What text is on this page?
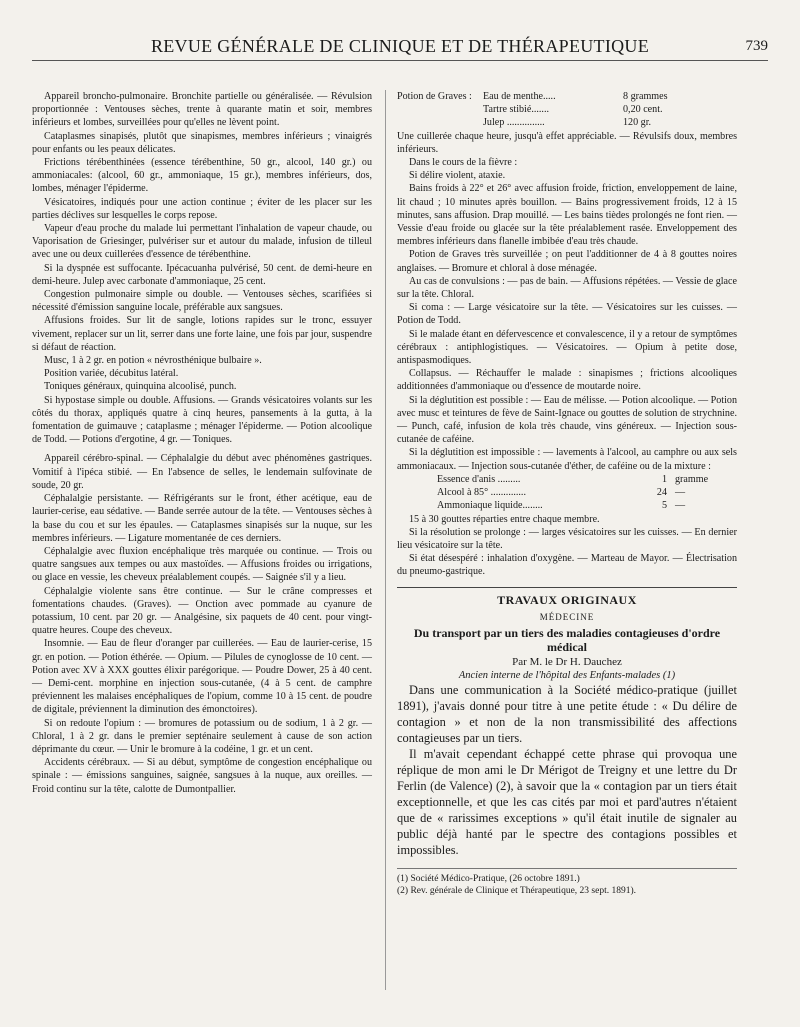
REVUE GÉNÉRALE DE CLINIQUE ET DE THÉRAPEUTIQUE	739

Appareil broncho-pulmonaire. Bronchite partielle ou généralisée. — Révulsion proportionnée : Ventouses sèches, trente à quarante matin et soir, membres inférieurs et lombes, surveillées pour qu'elles ne lèvent point.

Cataplasmes sinapisés, plutôt que sinapismes, membres inférieurs ; vinaigrés pour enfants ou les peaux délicates.

Frictions térébenthinées (essence térébenthine, 50 gr., alcool, 140 gr.) ou ammoniacales: (alcool, 60 gr., ammoniaque, 15 gr.), membres inférieurs, dos, lombes, ménager l'épiderme.

Vésicatoires, indiqués pour une action continue ; éviter de les placer sur les parties déclives sur lesquelles le corps repose.

Vapeur d'eau proche du malade lui permettant l'inhalation de vapeur chaude, ou Vaporisation de Griesinger, pulvériser sur et autour du malade, infusion de tilleul avec une ou deux cuillerées d'essence de térébenthine.

Si la dyspnée est suffocante. Ipécacuanha pulvérisé, 50 cent. de demi-heure en demi-heure. Julep avec carbonate d'ammoniaque, 25 cent.

Congestion pulmonaire simple ou double. — Ventouses sèches, scarifiées si nécessité d'émission sanguine locale, préférable aux sangsues.

Affusions froides. Sur lit de sangle, lotions rapides sur le tronc, essuyer vivement, replacer sur un lit, serrer dans une forte laine, une fois par jour, suspendre si défaut de réaction.

Musc, 1 à 2 gr. en potion « névrosthénique bulbaire ».

Position variée, décubitus latéral.

Toniques généraux, quinquina alcoolisé, punch.

Si hypostase simple ou double. Affusions. — Grands vésicatoires volants sur les côtés du thorax, appliqués quatre à cinq heures, pansements à la gutta, à la fomentation de guimauve ; cataplasme ; ménager l'épiderme. — Potion alcoolique de Todd. — Potions d'ergotine, 4 gr. — Toniques.

Appareil cérébro-spinal. — Céphalalgie du début avec phénomènes gastriques. Vomitif à l'ipéca stibié. — En l'absence de selles, le lendemain sulfovinate de soude, 20 gr.

Céphalalgie persistante. — Réfrigérants sur le front, éther acétique, eau de laurier-cerise, eau sédative. — Bande serrée autour de la tête. — Ventouses sèches à la base du cou et sur les épaules. — Cataplasmes sinapisés sur la nuque, sur les membres inférieurs. — Ligature momentanée de ces derniers.

Céphalalgie avec fluxion encéphalique très marquée ou continue. — Trois ou quatre sangsues aux tempes ou aux mastoïdes. — Affusions froides ou irrigations, ou glace en vessie, les cheveux préalablement coupés. — Saignée s'il y a lieu.

Céphalalgie violente sans être continue. — Sur le crâne compresses et fomentations chaudes. (Graves). — Onction avec pommade au cyanure de potassium, 10 cent. par 20 gr. — Analgésine, six paquets de 40 cent. pour vingt-quatre heures. Coupe des cheveux.

Insomnie. — Eau de fleur d'oranger par cuillerées. — Eau de laurier-cerise, 15 gr. en potion. — Potion éthérée. — Opium. — Pilules de cynoglosse de 10 cent. — Potion avec XV à XXX gouttes élixir parégorique. — Poudre Dower, 25 à 40 cent. — Demi-cent. morphine en injection sous-cutanée, (4 à 5 cent. de camphre préviennent les malaises encéphaliques de l'opium, comme 10 à 15 cent. de poudre de digitale, préviennent la diminution des émonctoires).

Si on redoute l'opium : — bromures de potassium ou de sodium, 1 à 2 gr. — Chloral, 1 à 2 gr. dans le premier septénaire seulement à cause de son action déprimante du cœur. — Unir le bromure à la codéine, 1 gr. et un cent.

Accidents cérébraux. — Si au début, symptôme de congestion encéphalique ou spinale : — émissions sanguines, saignée, sangsues à la nuque, aux oreilles. — Froid continu sur la tête, calotte de Dumontpallier.

Potion de Graves :	Eau de menthe.....	8 grammes
Tartre stibié.......	0,20 cent.
Julep ...............	120 gr.

Une cuillerée chaque heure, jusqu'à effet appréciable. — Révulsifs doux, membres inférieurs.

Dans le cours de la fièvre :

Si délire violent, ataxie.

Bains froids à 22° et 26° avec affusion froide, friction, enveloppement de laine, lit chaud ; 10 minutes après bouillon. — Bains progressivement froids, 12 à 15 minutes, sans affusion. Drap mouillé. — Les bains tièdes prolongés ne font rien. — Vessie d'eau froide ou glacée sur la tête préalablement rasée. Enveloppement des membres inférieurs dans flanelle imbibée d'eau très chaude.

Potion de Graves très surveillée ; on peut l'additionner de 4 à 8 gouttes noires anglaises. — Bromure et chloral à dose ménagée.

Au cas de convulsions : — pas de bain. — Affusions répétées. — Vessie de glace sur la tête. Chloral.

Si coma : — Large vésicatoire sur la tête. — Vésicatoires sur les cuisses. — Potion de Todd.

Si le malade étant en défervescence et convalescence, il y a retour de symptômes cérébraux : antiphlogistiques. — Vésicatoires. — Opium à petite dose, antispasmodiques.

Collapsus. — Réchauffer le malade : sinapismes ; frictions alcooliques additionnées d'ammoniaque ou d'essence de moutarde noire.

Si la déglutition est possible : — Eau de mélisse. — Potion alcoolique. — Potion avec musc et teintures de fève de Saint-Ignace ou gouttes de solution de strychnine. — Punch, café, infusion de kola très chaude, vins généreux. — Injection sous-cutanée de caféine.

Si la déglutition est impossible : — lavements à l'alcool, au camphre ou aux sels ammoniacaux. — Injection sous-cutanée d'éther, de caféine ou de la mixture :

Essence d'anis .........	1 gramme
Alcool à 85° ..............	24 —
Ammoniaque liquide........	5 —

15 à 30 gouttes réparties entre chaque membre.

Si la résolution se prolonge : — larges vésicatoires sur les cuisses. — En dernier lieu vésicatoire sur la tête.

Si état désespéré : inhalation d'oxygène. — Marteau de Mayor. — Électrisation du pneumo-gastrique.

TRAVAUX ORIGINAUX
MÉDECINE
Du transport par un tiers des maladies contagieuses d'ordre médical
Par M. le Dr H. Dauchez
Ancien interne de l'hôpital des Enfants-malades (1)

Dans une communication à la Société médico-pratique (juillet 1891), j'avais donné pour titre à une petite étude : « Du délire de contagion » et non de la non transmissibilité des affections contagieuses par un tiers.

Il m'avait cependant échappé cette phrase qui provoqua une réplique de mon ami le Dr Mérigot de Treigny et une lettre du Dr Ferlin (de Valence) (2), à savoir que la « contagion par un tiers était exceptionnelle, et que les cas cités par moi et pard'autres n'étaient que de « rarissimes exceptions » qu'il était inutile de signaler au public déjà hanté par le spectre des contagions possibles et impossibles.

(1) Société Médico-Pratique, (26 octobre 1891.)
(2) Rev. générale de Clinique et Thérapeutique, 23 sept. 1891).
